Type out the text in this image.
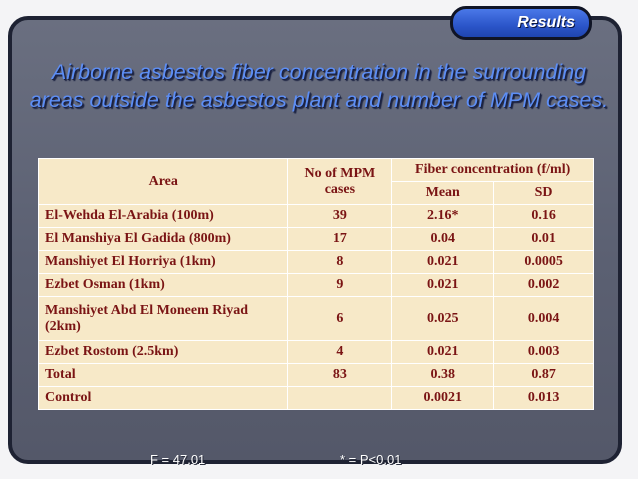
Results
Airborne asbestos fiber concentration in the surrounding areas outside the asbestos plant and number of MPM cases.
Area	No of MPM cases	Fiber concentration (f/ml)	
		Mean	SD
El-Wehda El-Arabia (100m)	39	2.16*	0.16
El Manshiya El Gadida (800m)	17	0.04	0.01
Manshiyet El Horriya (1km)	8	0.021	0.0005
Ezbet Osman (1km)	9	0.021	0.002
Manshiyet Abd El Moneem Riyad (2km)	6	0.025	0.004
Ezbet Rostom (2.5km)	4	0.021	0.003
Total	83	0.38	0.87
Control		0.0021	0.013
F = 47.01	* = P<0.01
